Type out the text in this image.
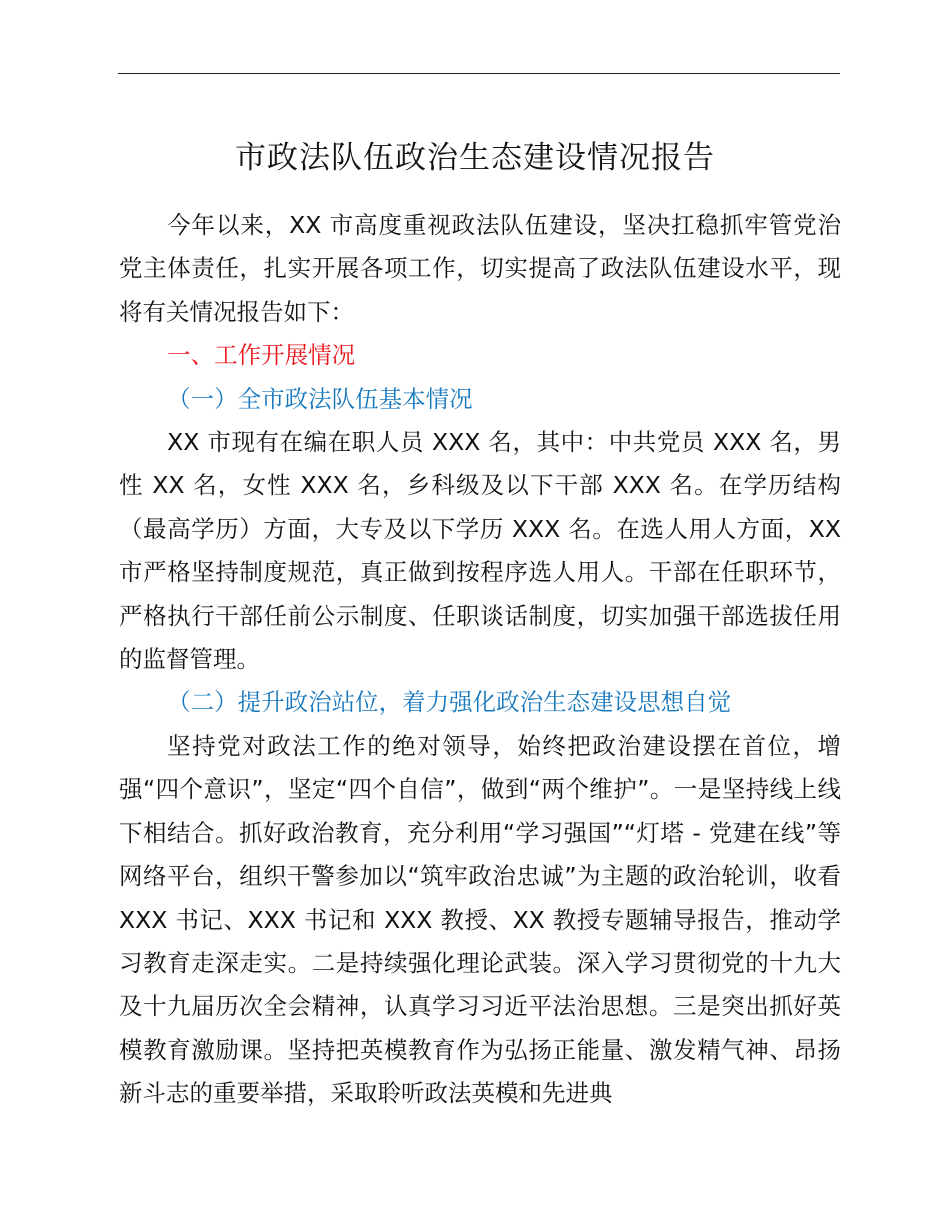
市政法队伍政治生态建设情况报告

今年以来，XX 市高度重视政法队伍建设，坚决扛稳抓牢管党治党主体责任，扎实开展各项工作，切实提高了政法队伍建设水平，现将有关情况报告如下：

一、工作开展情况

（一）全市政法队伍基本情况

XX 市现有在编在职人员 XXX 名，其中：中共党员 XXX 名，男性 XX 名，女性 XXX 名，乡科级及以下干部 XXX 名。在学历结构（最高学历）方面，大专及以下学历 XXX 名。在选人用人方面，XX 市严格坚持制度规范，真正做到按程序选人用人。干部在任职环节，严格执行干部任前公示制度、任职谈话制度，切实加强干部选拔任用的监督管理。

（二）提升政治站位，着力强化政治生态建设思想自觉

坚持党对政法工作的绝对领导，始终把政治建设摆在首位，增强“四个意识”，坚定“四个自信”，做到“两个维护”。一是坚持线上线下相结合。抓好政治教育，充分利用“学习强国”“灯塔 - 党建在线”等网络平台，组织干警参加以“筑牢政治忠诚”为主题的政治轮训，收看 XXX 书记、XXX 书记和 XXX 教授、XX 教授专题辅导报告，推动学习教育走深走实。二是持续强化理论武装。深入学习贯彻党的十九大及十九届历次全会精神，认真学习习近平法治思想。三是突出抓好英模教育激励课。坚持把英模教育作为弘扬正能量、激发精气神、昂扬新斗志的重要举措，采取聆听政法英模和先进典
